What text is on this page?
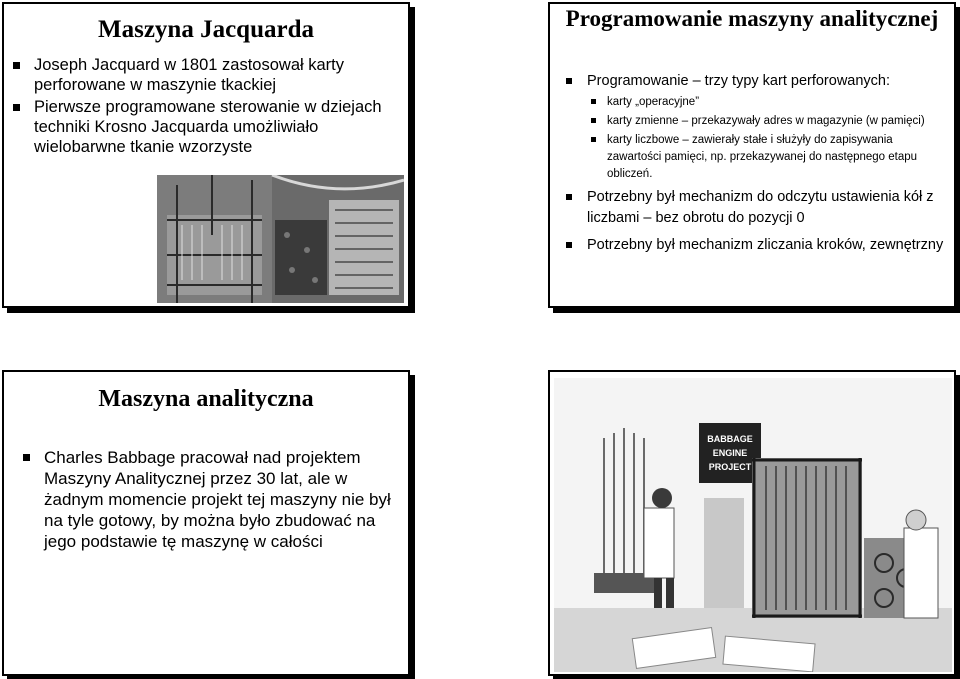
Maszyna Jacquarda
Joseph Jacquard w 1801 zastosował karty perforowane w maszynie tkackiej
Pierwsze programowane sterowanie w dziejach techniki Krosno Jacquarda umożliwiało wielobarwne tkanie wzorzyste
Programowanie maszyny analitycznej
Programowanie – trzy typy kart perforowanych:
karty „operacyjne”
karty zmienne – przekazywały adres w magazynie (w pamięci)
karty liczbowe – zawierały stałe i służyły do zapisywania zawartości pamięci, np. przekazywanej do następnego etapu obliczeń.
Potrzebny był mechanizm do odczytu ustawienia kół z liczbami – bez obrotu do pozycji 0
Potrzebny był mechanizm zliczania kroków, zewnętrzny
Maszyna analityczna
Charles Babbage pracował nad projektem Maszyny Analitycznej przez 30 lat, ale w żadnym momencie projekt tej maszyny nie był na tyle gotowy, by można było zbudować na jego podstawie tę maszynę w całości
BABBAGE
ENGINE
PROJECT
